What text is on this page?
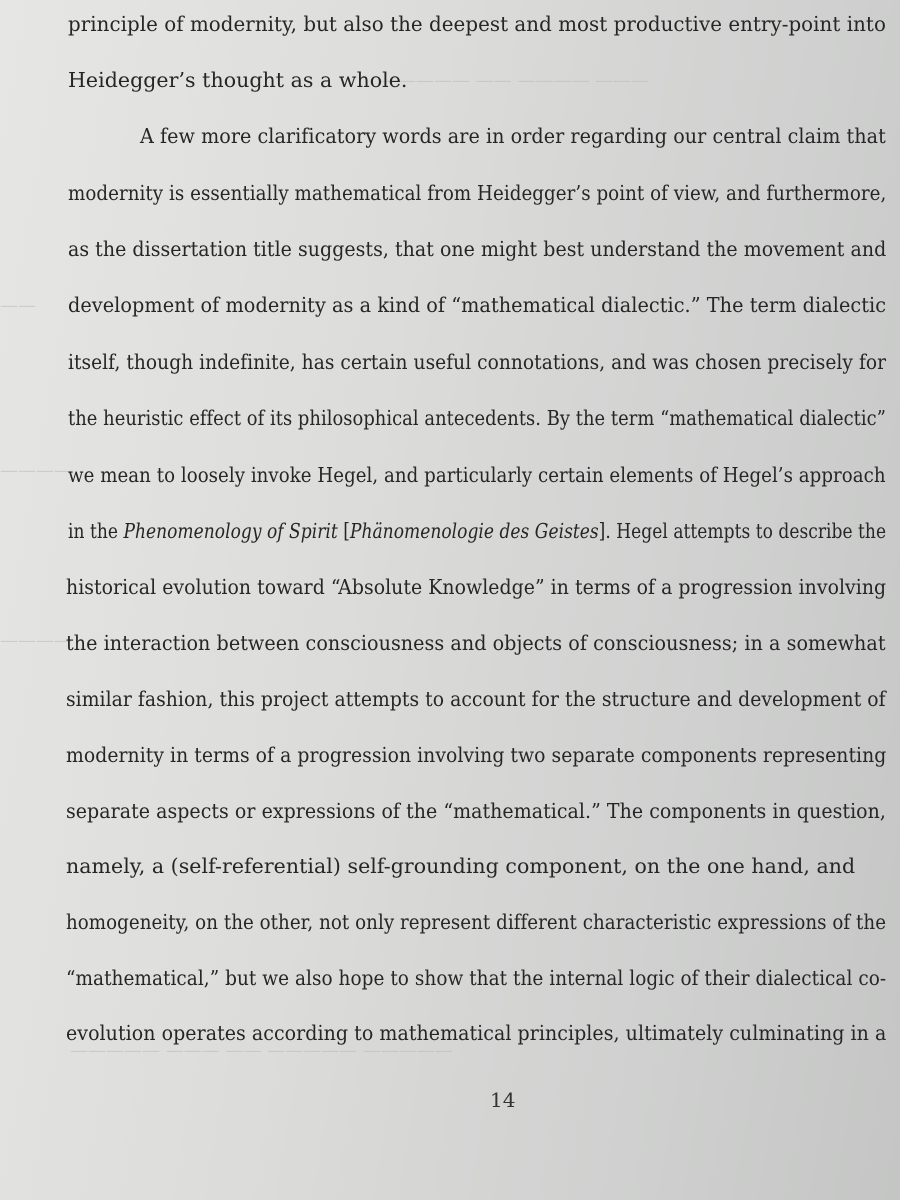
——— ———— —— —————
——
————
————
————— ————— —— ——— —————
principle of modernity, but also the deepest and most productive entry-point into
Heidegger’s thought as a whole.
A few more clarificatory words are in order regarding our central claim that
modernity is essentially mathematical from Heidegger’s point of view, and furthermore,
as the dissertation title suggests, that one might best understand the movement and
development of modernity as a kind of “mathematical dialectic.” The term dialectic
itself, though indefinite, has certain useful connotations, and was chosen precisely for
the heuristic effect of its philosophical antecedents. By the term “mathematical dialectic”
we mean to loosely invoke Hegel, and particularly certain elements of Hegel’s approach
in the Phenomenology of Spirit [Phänomenologie des Geistes]. Hegel attempts to describe the
historical evolution toward “Absolute Knowledge” in terms of a progression involving
the interaction between consciousness and objects of consciousness; in a somewhat
similar fashion, this project attempts to account for the structure and development of
modernity in terms of a progression involving two separate components representing
separate aspects or expressions of the “mathematical.” The components in question,
namely, a (self-referential) self-grounding component, on the one hand, and
homogeneity, on the other, not only represent different characteristic expressions of the
“mathematical,” but we also hope to show that the internal logic of their dialectical co-
evolution operates according to mathematical principles, ultimately culminating in a
14
